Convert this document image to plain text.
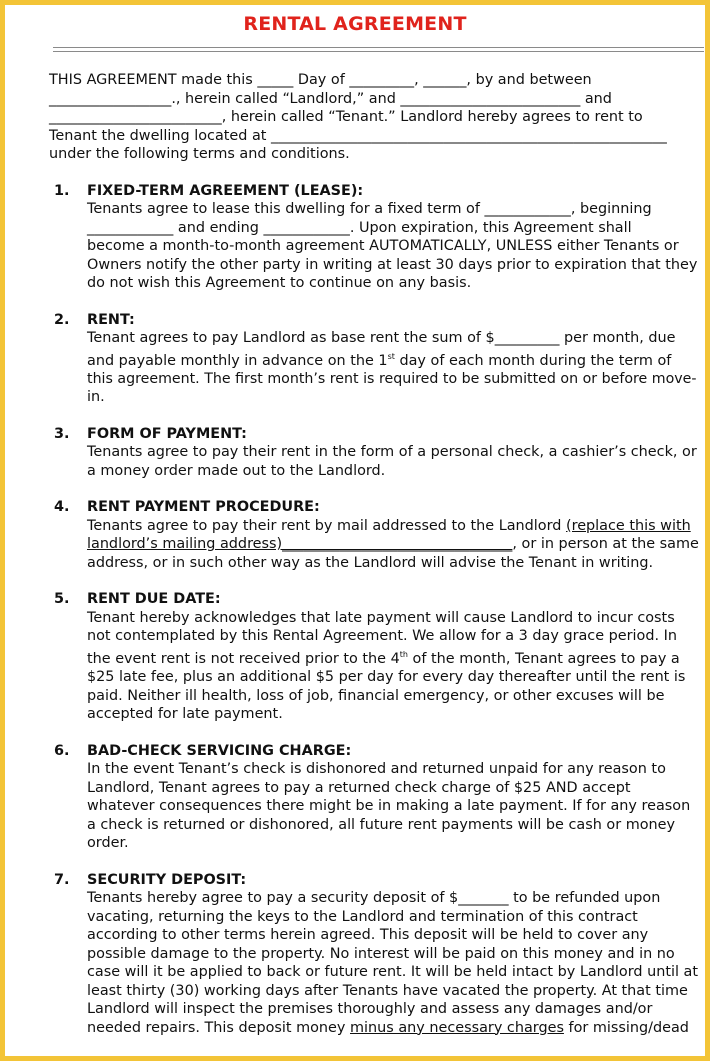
RENTAL AGREEMENT

THIS AGREEMENT made this _____ Day of _________, ______, by and between

_________________., herein called “Landlord,” and _________________________ and

________________________, herein called “Tenant.” Landlord hereby agrees to rent to

Tenant the dwelling located at _______________________________________________________

under the following terms and conditions.

1. FIXED-TERM AGREEMENT (LEASE):

Tenants agree to lease this dwelling for a fixed term of ____________, beginning

____________ and ending ____________. Upon expiration, this Agreement shall

become a month-to-month agreement AUTOMATICALLY, UNLESS either Tenants or

Owners notify the other party in writing at least 30 days prior to expiration that they

do not wish this Agreement to continue on any basis.

2. RENT:

Tenant agrees to pay Landlord as base rent the sum of $_________ per month, due

and payable monthly in advance on the 1st day of each month during the term of

this agreement. The first month’s rent is required to be submitted on or before move-

in.

3. FORM OF PAYMENT:

Tenants agree to pay their rent in the form of a personal check, a cashier’s check, or

a money order made out to the Landlord.

4. RENT PAYMENT PROCEDURE:

Tenants agree to pay their rent by mail addressed to the Landlord (replace this with

landlord’s mailing address)________________________________, or in person at the same

address, or in such other way as the Landlord will advise the Tenant in writing.

5. RENT DUE DATE:

Tenant hereby acknowledges that late payment will cause Landlord to incur costs

not contemplated by this Rental Agreement. We allow for a 3 day grace period. In

the event rent is not received prior to the 4th of the month, Tenant agrees to pay a

$25 late fee, plus an additional $5 per day for every day thereafter until the rent is

paid. Neither ill health, loss of job, financial emergency, or other excuses will be

accepted for late payment.

6. BAD-CHECK SERVICING CHARGE:

In the event Tenant’s check is dishonored and returned unpaid for any reason to

Landlord, Tenant agrees to pay a returned check charge of $25 AND accept

whatever consequences there might be in making a late payment. If for any reason

a check is returned or dishonored, all future rent payments will be cash or money

order.

7. SECURITY DEPOSIT:

Tenants hereby agree to pay a security deposit of $_______ to be refunded upon

vacating, returning the keys to the Landlord and termination of this contract

according to other terms herein agreed. This deposit will be held to cover any

possible damage to the property. No interest will be paid on this money and in no

case will it be applied to back or future rent. It will be held intact by Landlord until at

least thirty (30) working days after Tenants have vacated the property. At that time

Landlord will inspect the premises thoroughly and assess any damages and/or

needed repairs. This deposit money minus any necessary charges for missing/dead
